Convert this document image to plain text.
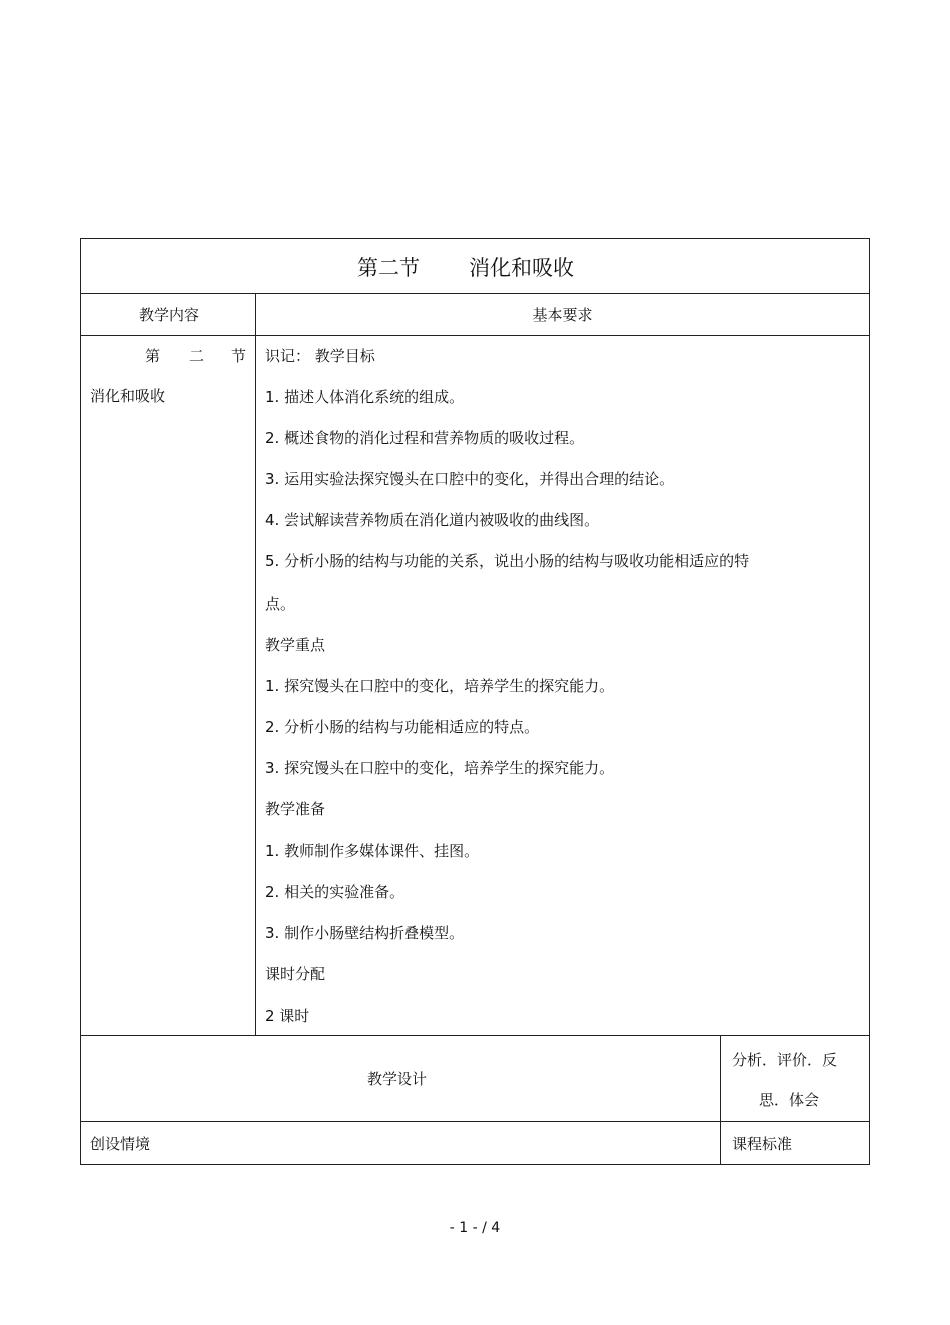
第二节 消化和吸收
教学内容	基本要求
第 二 节
消化和吸收
识记： 教学目标
1. 描述人体消化系统的组成。
2. 概述食物的消化过程和营养物质的吸收过程。
3. 运用实验法探究馒头在口腔中的变化，并得出合理的结论。
4. 尝试解读营养物质在消化道内被吸收的曲线图。
5. 分析小肠的结构与功能的关系，说出小肠的结构与吸收功能相适应的特
点。
教学重点
1. 探究馒头在口腔中的变化，培养学生的探究能力。
2. 分析小肠的结构与功能相适应的特点。
3. 探究馒头在口腔中的变化，培养学生的探究能力。
教学准备
1. 教师制作多媒体课件、挂图。
2. 相关的实验准备。
3. 制作小肠壁结构折叠模型。
课时分配
2 课时
教学设计
分析．评价．反
思．体会
创设情境	课程标准
- 1 - / 4
